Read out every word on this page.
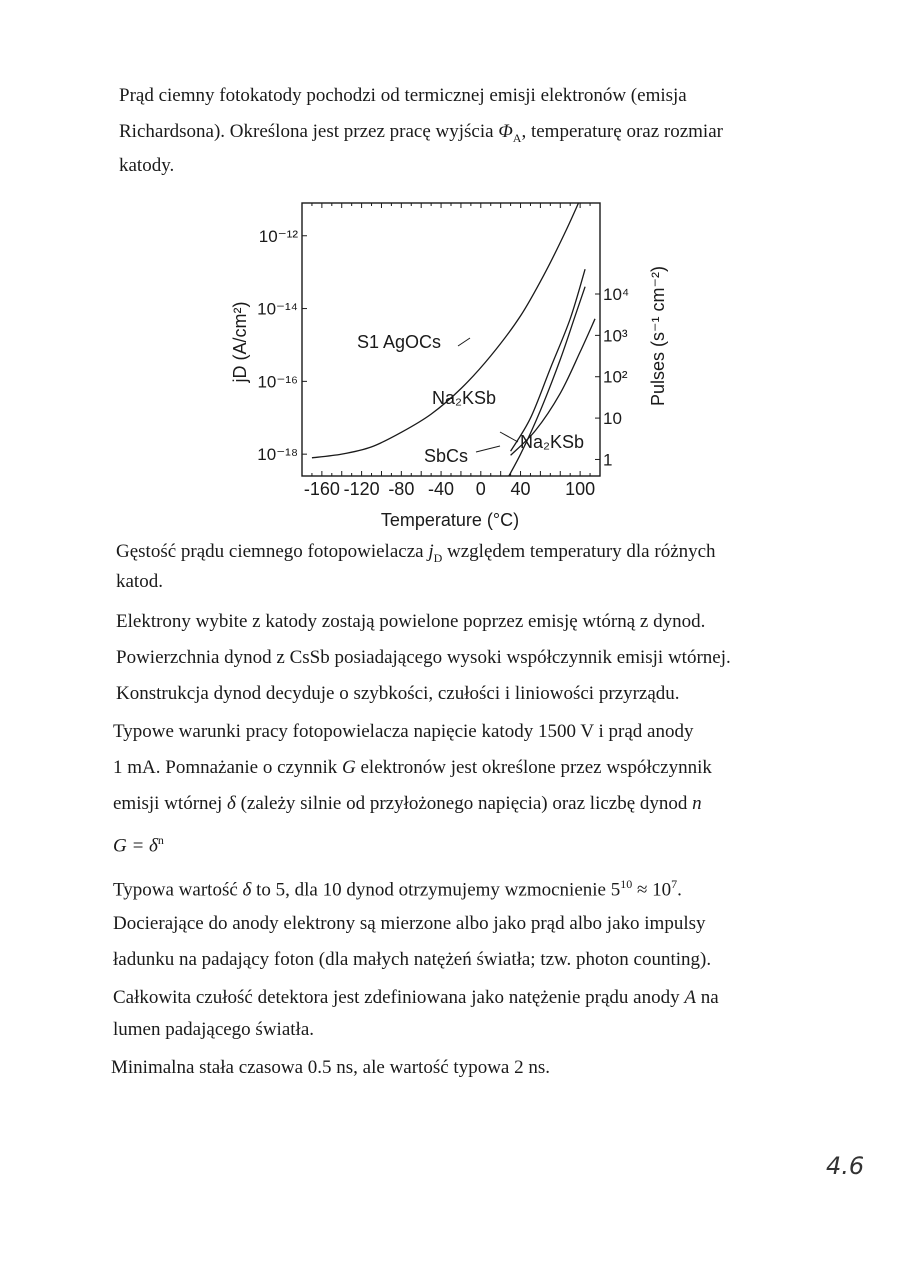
-160 -120 -80 -40 0 40 100
10⁻¹²
10⁻¹⁴
10⁻¹⁶
10⁻¹⁸
10⁴
10³
10²
10
1
Temperature (°C)
jD (A/cm²)	Pulses (s⁻¹ cm⁻²)
S1 AgOCs
Na₂KSb
SbCs
Na₂KSb
Prąd ciemny fotokatody pochodzi od termicznej emisji elektronów (emisja
Richardsona). Określona jest przez pracę wyjścia $\Phi_A$, temperaturę oraz rozmiar
katody.
Gęstość prądu ciemnego fotopowielacza $j_D$ względem temperatury dla różnych
katod.
Elektrony wybite z katody zostają powielone poprzez emisję wtórną z dynod.
Powierzchnia dynod z CsSb posiadającego wysoki współczynnik emisji wtórnej.
Konstrukcja dynod decyduje o szybkości, czułości i liniowości przyrządu.
Typowe warunki pracy fotopowielacza napięcie katody 1500 V i prąd anody
1 mA. Pomnażanie o czynnik G elektronów jest określone przez współczynnik
emisji wtórnej δ (zależy silnie od przyłożonego napięcia) oraz liczbę dynod n
$G = \delta^n$
Typowa wartość δ to 5, dla 10 dynod otrzymujemy wzmocnienie $5^{10} \approx 10^7$.
Docierające do anody elektrony są mierzone albo jako prąd albo jako impulsy
ładunku na padający foton (dla małych natężeń światła; tzw. photon counting).
Całkowita czułość detektora jest zdefiniowana jako natężenie prądu anody A na
lumen padającego światła.
Minimalna stała czasowa 0.5 ns, ale wartość typowa 2 ns.
4.6
